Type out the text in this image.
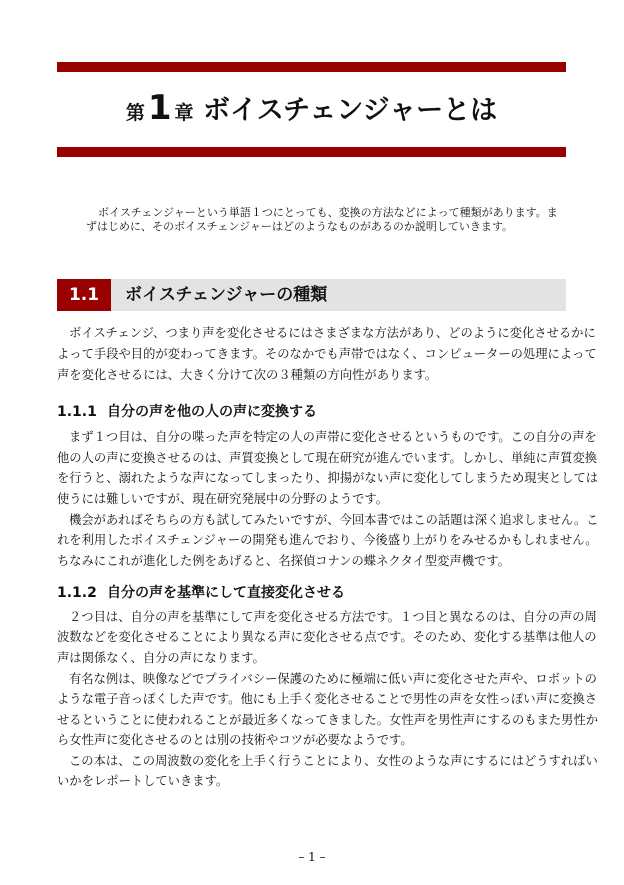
第1 章 ボイスチェンジャーとは
ボイスチェンジャーという単語１つにとっても、変換の方法などによって種類があります。ま
ずはじめに、そのボイスチェンジャーはどのようなものがあるのか説明していきます。
1.1	ボイスチェンジャーの種類
ボイスチェンジ、つまり声を変化させるにはさまざまな方法があり、どのように変化させるかに
よって手段や目的が変わってきます。そのなかでも声帯ではなく、コンピューターの処理によって
声を変化させるには、大きく分けて次の３種類の方向性があります。
1.1.1 自分の声を他の人の声に変換する
まず１つ目は、自分の喋った声を特定の人の声帯に変化させるというものです。この自分の声を
他の人の声に変換させるのは、声質変換として現在研究が進んでいます。しかし、単純に声質変換
を行うと、溺れたような声になってしまったり、抑揚がない声に変化してしまうため現実としては
使うには難しいですが、現在研究発展中の分野のようです。
機会があればそちらの方も試してみたいですが、今回本書ではこの話題は深く追求しません。こ
れを利用したボイスチェンジャーの開発も進んでおり、今後盛り上がりをみせるかもしれません。
ちなみにこれが進化した例をあげると、名探偵コナンの蝶ネクタイ型変声機です。
1.1.2 自分の声を基準にして直接変化させる
２つ目は、自分の声を基準にして声を変化させる方法です。１つ目と異なるのは、自分の声の周
波数などを変化させることにより異なる声に変化させる点です。そのため、変化する基準は他人の
声は関係なく、自分の声になります。
有名な例は、映像などでプライバシー保護のために極端に低い声に変化させた声や、ロボットの
ような電子音っぽくした声です。他にも上手く変化させることで男性の声を女性っぽい声に変換さ
せるということに使われることが最近多くなってきました。女性声を男性声にするのもまた男性か
ら女性声に変化させるのとは別の技術やコツが必要なようです。
この本は、この周波数の変化を上手く行うことにより、女性のような声にするにはどうすればい
いかをレポートしていきます。
– 1 –
